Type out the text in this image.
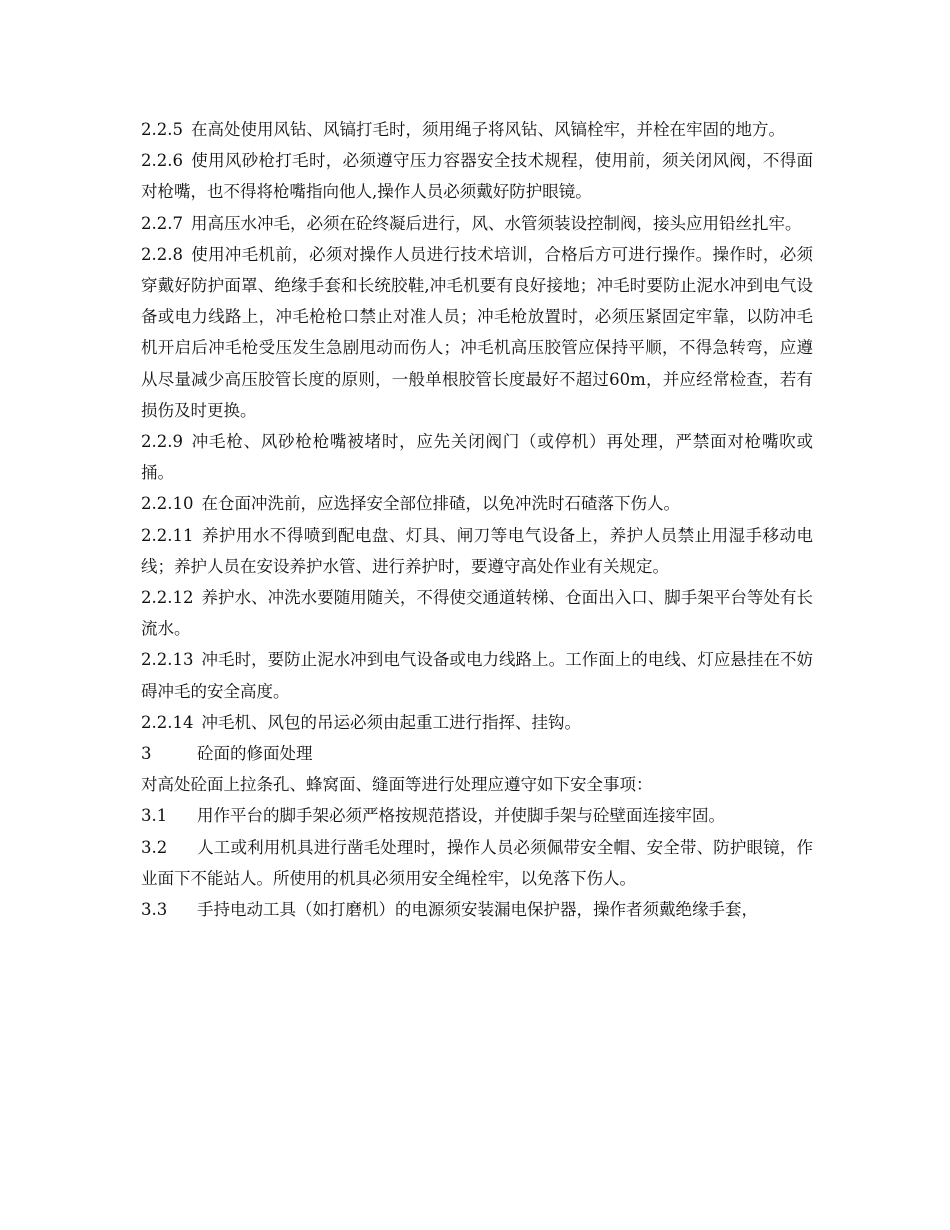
2.2.5 在高处使用风钻、风镐打毛时，须用绳子将风钻、风镐栓牢，并栓在牢固的地方。

2.2.6 使用风砂枪打毛时，必须遵守压力容器安全技术规程，使用前，须关闭风阀，不得面对枪嘴，也不得将枪嘴指向他人,操作人员必须戴好防护眼镜。

2.2.7 用高压水冲毛，必须在砼终凝后进行，风、水管须装设控制阀，接头应用铅丝扎牢。

2.2.8 使用冲毛机前，必须对操作人员进行技术培训，合格后方可进行操作。操作时，必须穿戴好防护面罩、绝缘手套和长统胶鞋,冲毛机要有良好接地；冲毛时要防止泥水冲到电气设备或电力线路上，冲毛枪枪口禁止对准人员；冲毛枪放置时，必须压紧固定牢靠，以防冲毛机开启后冲毛枪受压发生急剧甩动而伤人；冲毛机高压胶管应保持平顺，不得急转弯，应遵从尽量减少高压胶管长度的原则，一般单根胶管长度最好不超过60m，并应经常检查，若有损伤及时更换。

2.2.9 冲毛枪、风砂枪枪嘴被堵时，应先关闭阀门（或停机）再处理，严禁面对枪嘴吹或捅。

2.2.10 在仓面冲洗前，应选择安全部位排碴，以免冲洗时石碴落下伤人。

2.2.11 养护用水不得喷到配电盘、灯具、闸刀等电气设备上，养护人员禁止用湿手移动电线；养护人员在安设养护水管、进行养护时，要遵守高处作业有关规定。

2.2.12 养护水、冲洗水要随用随关，不得使交通道转梯、仓面出入口、脚手架平台等处有长流水。

2.2.13 冲毛时，要防止泥水冲到电气设备或电力线路上。工作面上的电线、灯应悬挂在不妨碍冲毛的安全高度。

2.2.14 冲毛机、风包的吊运必须由起重工进行指挥、挂钩。

3	砼面的修面处理

对高处砼面上拉条孔、蜂窝面、缝面等进行处理应遵守如下安全事项：

3.1 用作平台的脚手架必须严格按规范搭设，并使脚手架与砼壁面连接牢固。

3.2 人工或利用机具进行凿毛处理时，操作人员必须佩带安全帽、安全带、防护眼镜，作业面下不能站人。所使用的机具必须用安全绳栓牢，以免落下伤人。

3.3 手持电动工具（如打磨机）的电源须安装漏电保护器，操作者须戴绝缘手套，
